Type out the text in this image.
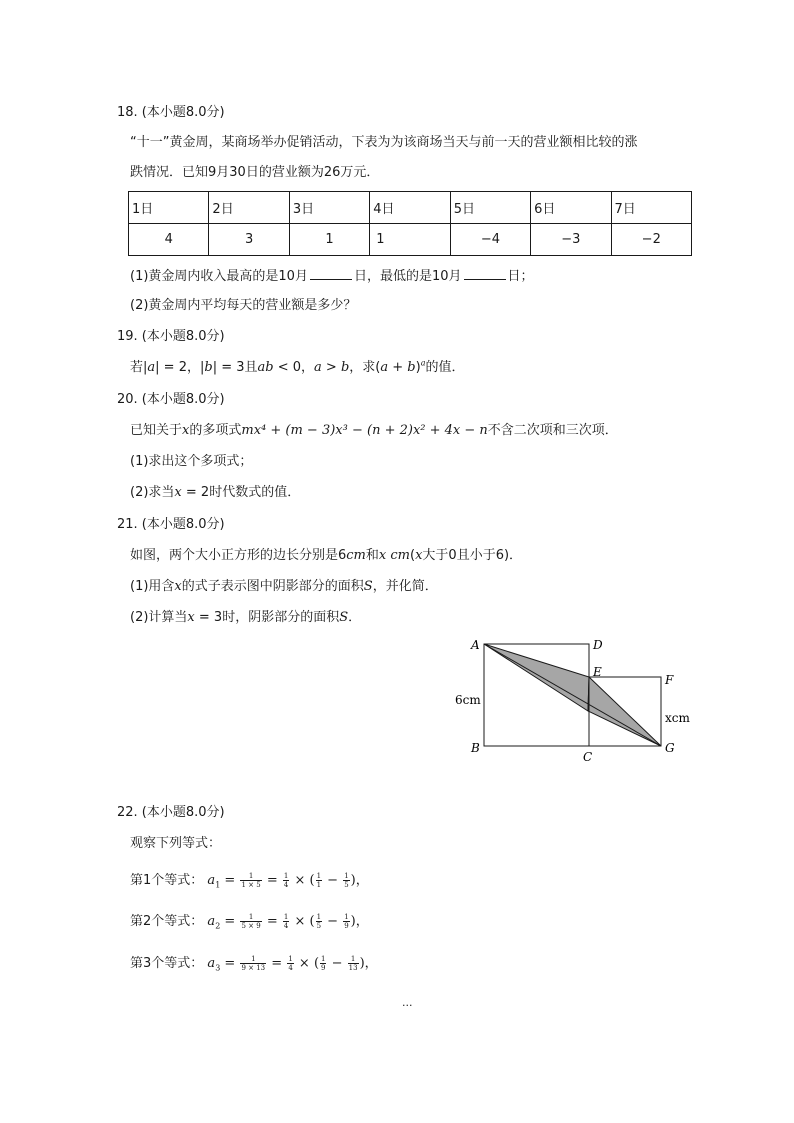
18. (本小题8.0分)
“十一”黄金周，某商场举办促销活动，下表为为该商场当天与前一天的营业额相比较的涨
跌情况．已知9月30日的营业额为26万元．
1日	2日	3日	4日	5日	6日	7日
4	3	1	1	−4	−3	−2
(1)黄金周内收入最高的是10月	日，最低的是10月	日；
(2)黄金周内平均每天的营业额是多少？
19. (本小题8.0分)
若|a| = 2，|b| = 3且ab < 0，a > b，求$(a + b)^a$的值．
20. (本小题8.0分)
已知关于x的多项式mx⁴ + (m − 3)x³ − (n + 2)x² + 4x − n不含二次项和三次项．
(1)求出这个多项式；
(2)求当x = 2时代数式的值．
21. (本小题8.0分)
如图，两个大小正方形的边长分别是6cm和x cm(x大于0且小于6)．
(1)用含x的式子表示图中阴影部分的面积S，并化简．
(2)计算当x = 3时，阴影部分的面积S．
A	D
E
F
B
C
G
6cm
xcm
22. (本小题8.0分)
观察下列等式：
第1个等式： $a_1 = \frac{1}{1 \times 5} = \frac{1}{4}$ × ( $\frac{1}{1} - \frac{1}{5}$ )，
第2个等式： $a_2 = \frac{1}{5 \times 9} = \frac{1}{4}$ × ( $\frac{1}{5} - \frac{1}{9}$ )，
第3个等式： $a_3 = \frac{1}{9 \times 13} = \frac{1}{4}$ × ( $\frac{1}{9} - \frac{1}{13}$ )，
...
